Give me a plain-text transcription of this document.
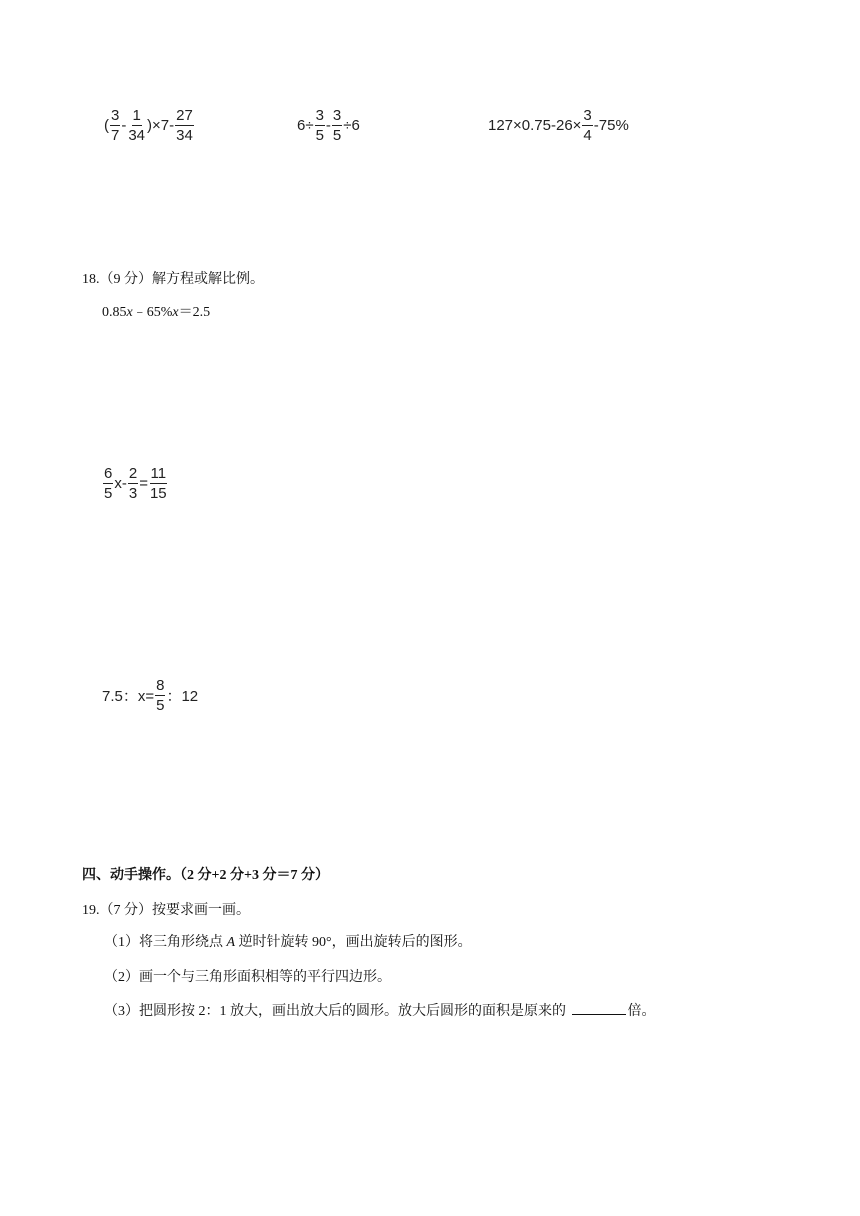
( $\frac{3}{7} - \frac{1}{34}$ ) $\times 7- \frac{27}{34}$	$6\div \frac{3}{5} - \frac{3}{5} \div 6$	$127\times 0.75-26\times \frac{3}{4} -75\%$
18.（9 分）解方程或解比例。
0.85x﹣65%x＝2.5
$\frac{6}{5} x- \frac{2}{3} = \frac{11}{15}$
7.5：$x= \frac{8}{5}$ ：12
四、动手操作。（2 分+2 分+3 分＝7 分）
19.（7 分）按要求画一画。
（1）将三角形绕点 A 逆时针旋转 90°，画出旋转后的图形。
（2）画一个与三角形面积相等的平行四边形。
（3）把圆形按 2：1 放大，画出放大后的圆形。放大后圆形的面积是原来的	倍。
